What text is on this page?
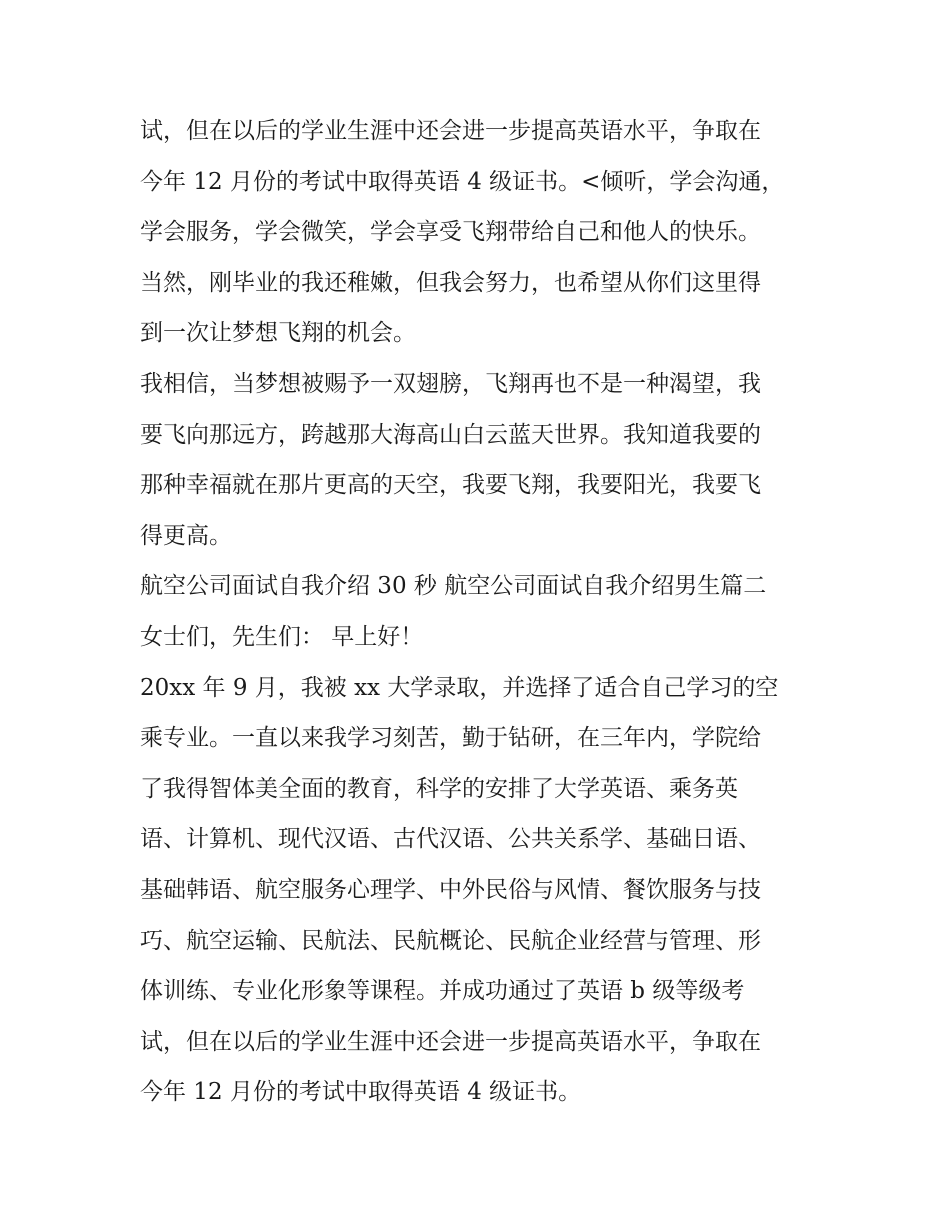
试，但在以后的学业生涯中还会进一步提高英语水平，争取在
今年 12 月份的考试中取得英语 4 级证书。<倾听，学会沟通，
学会服务，学会微笑，学会享受飞翔带给自己和他人的快乐。
当然，刚毕业的我还稚嫩，但我会努力，也希望从你们这里得
到一次让梦想飞翔的机会。
我相信，当梦想被赐予一双翅膀，飞翔再也不是一种渴望，我
要飞向那远方，跨越那大海高山白云蓝天世界。我知道我要的
那种幸福就在那片更高的天空，我要飞翔，我要阳光，我要飞
得更高。
航空公司面试自我介绍 30 秒 航空公司面试自我介绍男生篇二
女士们，先生们： 早上好！
20xx 年 9 月，我被 xx 大学录取，并选择了适合自己学习的空
乘专业。一直以来我学习刻苦，勤于钻研，在三年内，学院给
了我得智体美全面的教育，科学的安排了大学英语、乘务英
语、计算机、现代汉语、古代汉语、公共关系学、基础日语、
基础韩语、航空服务心理学、中外民俗与风情、餐饮服务与技
巧、航空运输、民航法、民航概论、民航企业经营与管理、形
体训练、专业化形象等课程。并成功通过了英语 b 级等级考
试，但在以后的学业生涯中还会进一步提高英语水平，争取在
今年 12 月份的考试中取得英语 4 级证书。
